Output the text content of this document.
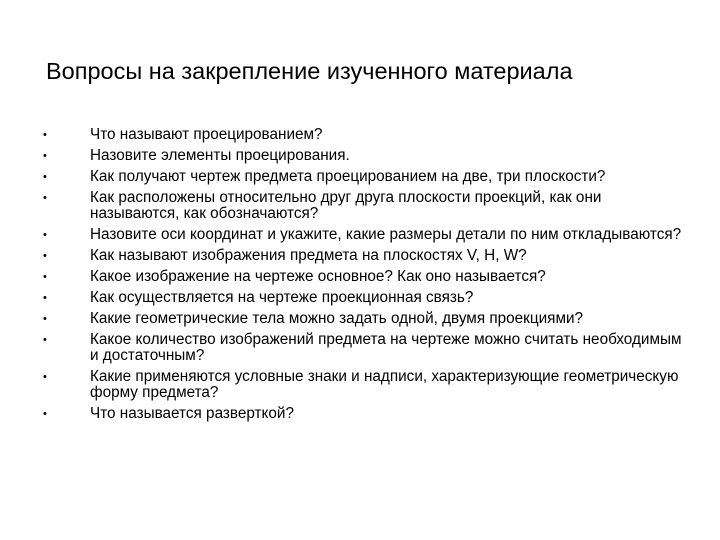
Вопросы на закрепление изученного материала
•	Что называют проецированием?
•	Назовите элементы проецирования.
•	Как получают чертеж предмета проецированием на две, три плоскости?
•	Как расположены относительно друг друга плоскости проекций, как они называются, как обозначаются?
•	Назовите оси координат и укажите, какие размеры детали по ним откладываются?
•	Как называют изображения предмета на плоскостях V, H, W?
•	Какое изображение на чертеже основное? Как оно называется?
•	Как осуществляется на чертеже проекционная связь?
•	Какие геометрические тела можно задать одной, двумя проекциями?
•	Какое количество изображений предмета на чертеже можно считать необходимым и достаточным?
•	Какие применяются условные знаки и надписи, характеризующие геометрическую форму предмета?
•	Что называется разверткой?
